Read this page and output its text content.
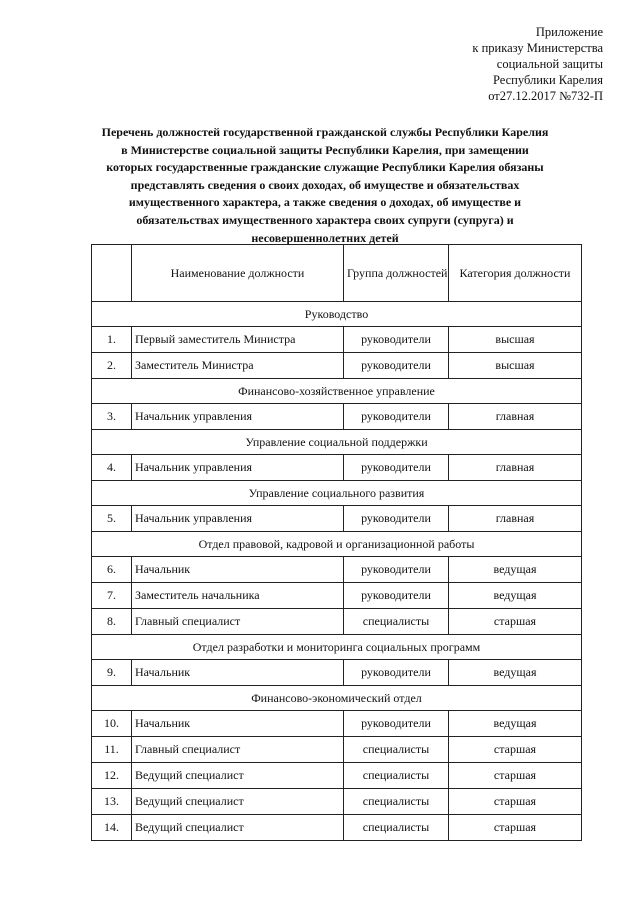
Приложение
к приказу Министерства
социальной защиты
Республики Карелия
от27.12.2017 №732-П
Перечень должностей государственной гражданской службы Республики Карелия в Министерстве социальной защиты Республики Карелия, при замещении которых государственные гражданские служащие Республики Карелия обязаны представлять сведения о своих доходах, об имуществе и обязательствах имущественного характера, а также сведения о доходах, об имуществе и обязательствах имущественного характера своих супруги (супруга) и несовершеннолетних детей
	Наименование должности	Группа должностей	Категория должности
Руководство			
1.	Первый заместитель Министра	руководители	высшая
2.	Заместитель Министра	руководители	высшая
Финансово-хозяйственное управление			
3.	Начальник управления	руководители	главная
Управление социальной поддержки			
4.	Начальник управления	руководители	главная
Управление социального развития			
5.	Начальник управления	руководители	главная
Отдел правовой, кадровой и организационной работы			
6.	Начальник	руководители	ведущая
7.	Заместитель начальника	руководители	ведущая
8.	Главный специалист	специалисты	старшая
Отдел разработки и мониторинга социальных программ			
9.	Начальник	руководители	ведущая
Финансово-экономический отдел			
10.	Начальник	руководители	ведущая
11.	Главный специалист	специалисты	старшая
12.	Ведущий специалист	специалисты	старшая
13.	Ведущий специалист	специалисты	старшая
14.	Ведущий специалист	специалисты	старшая
